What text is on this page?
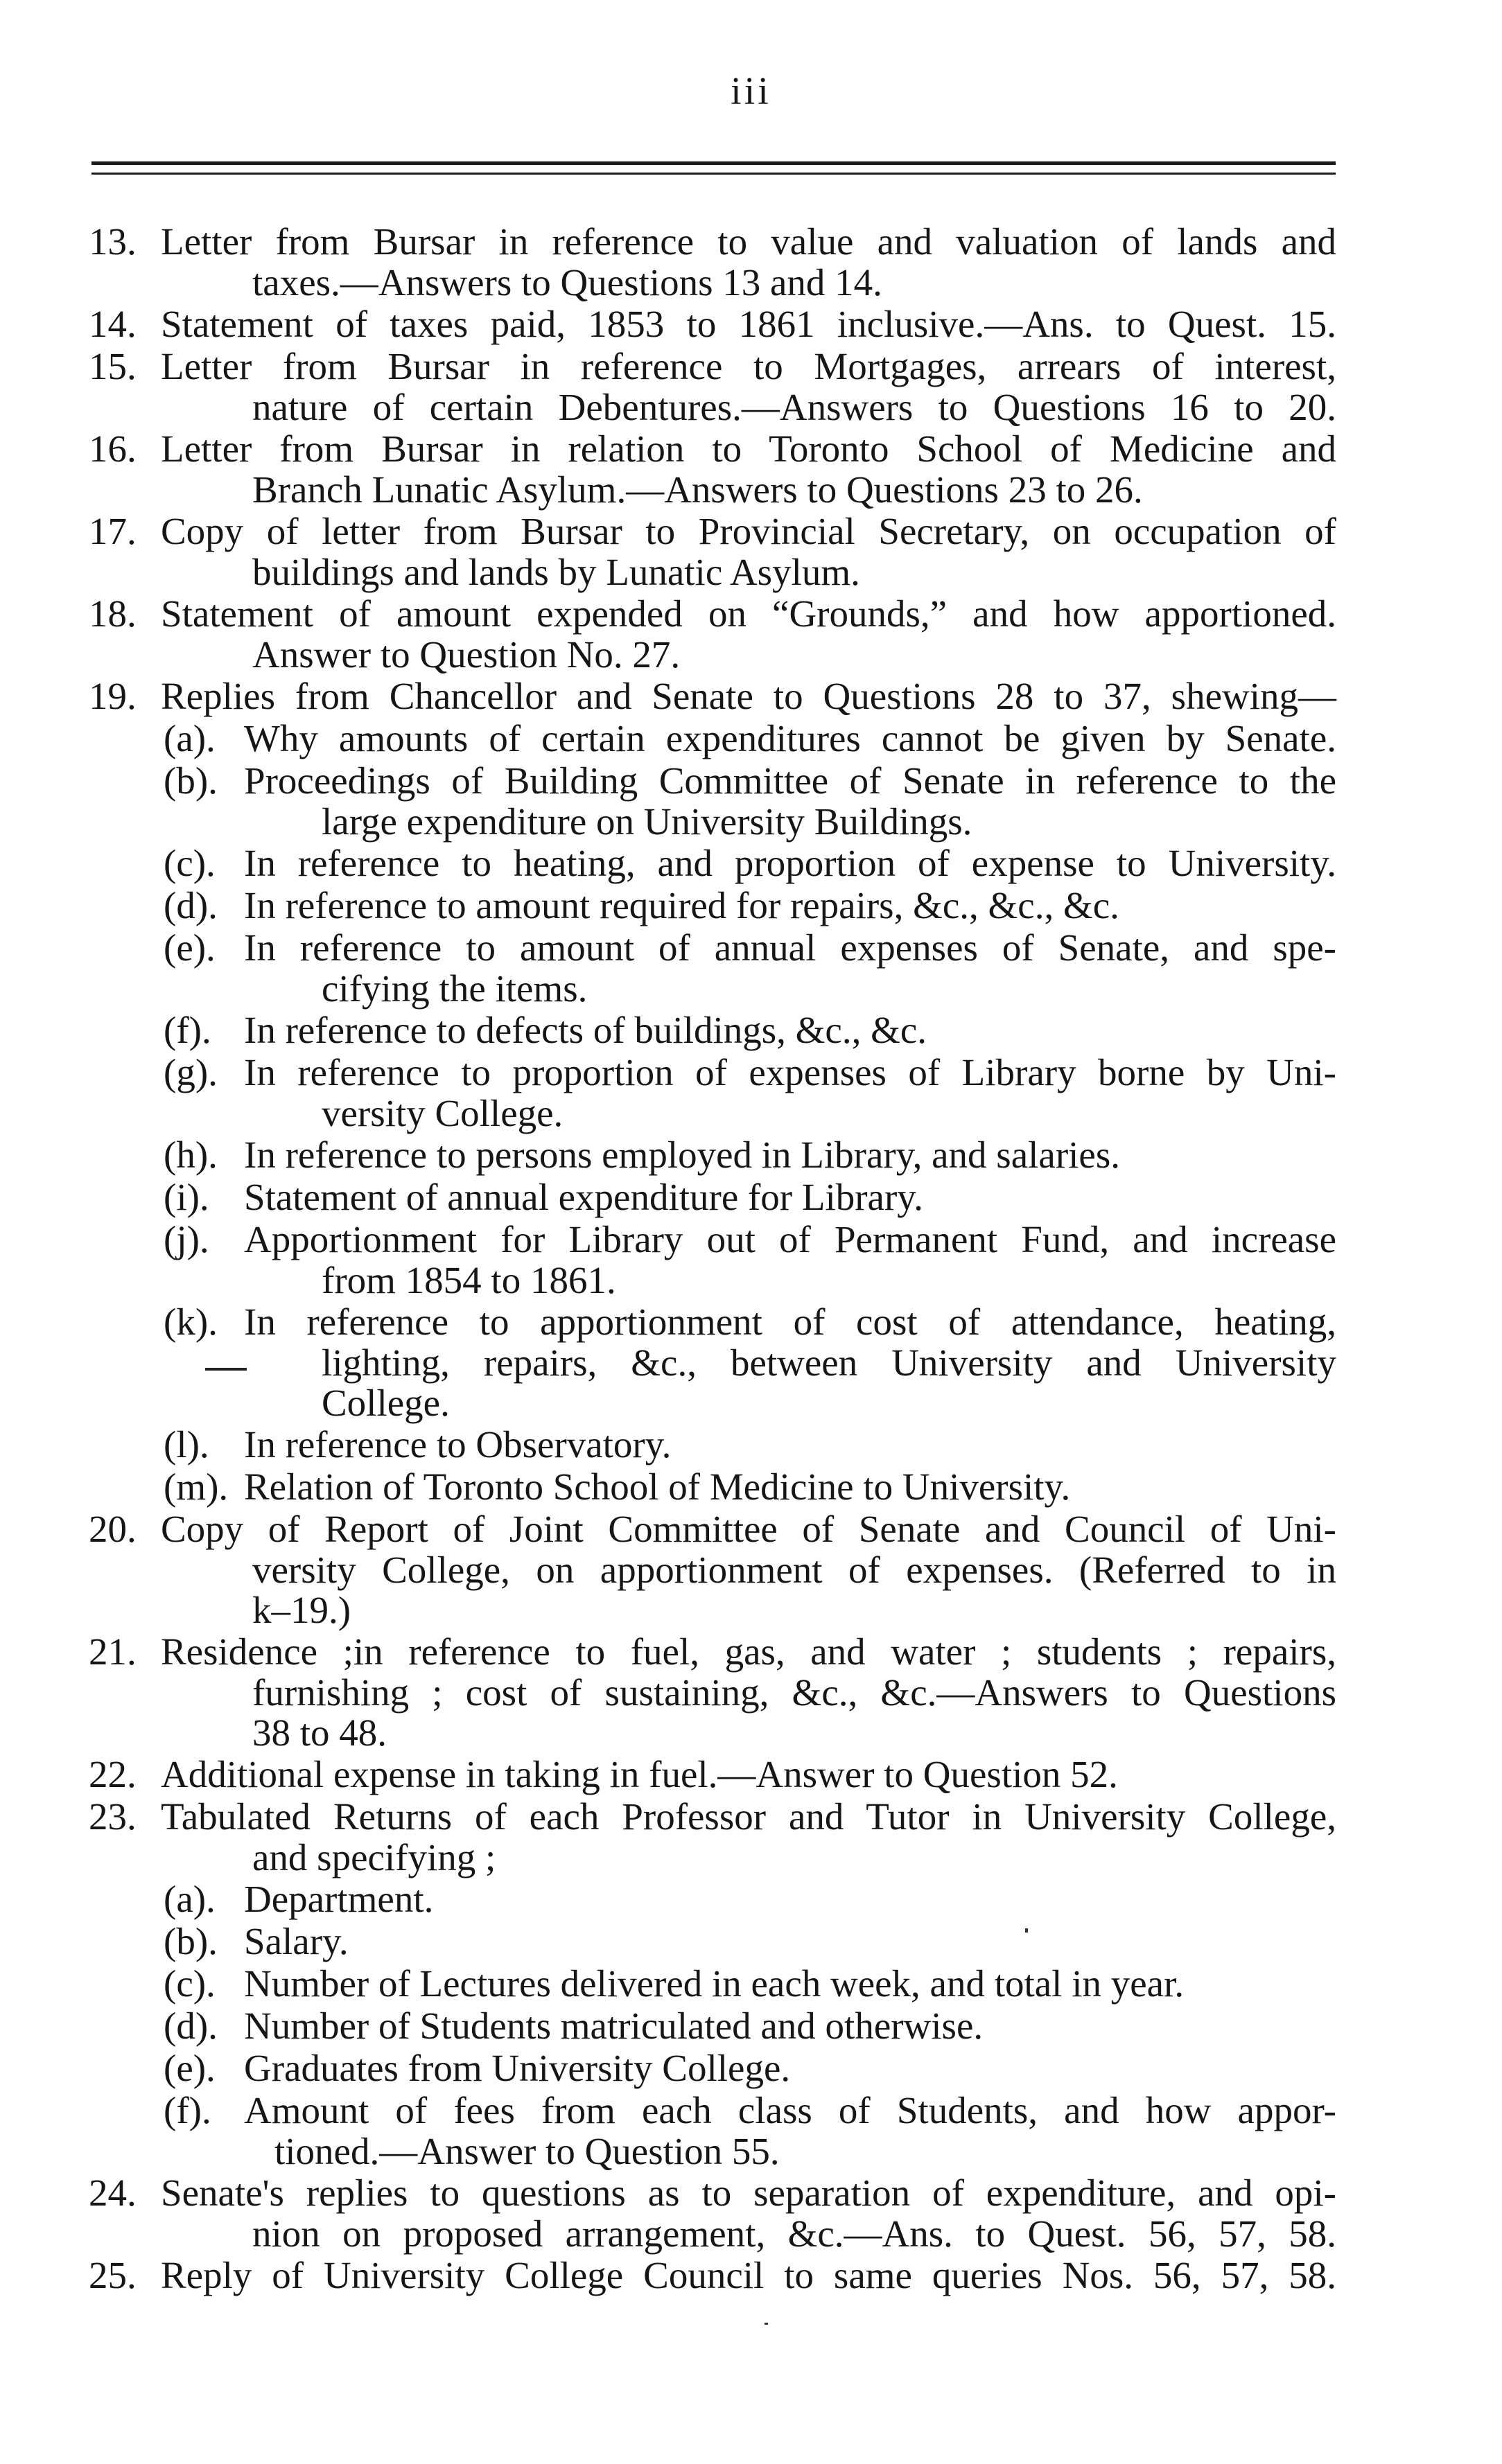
iii
13. Letter from Bursar in reference to value and valuation of lands and
taxes.—Answers to Questions 13 and 14.
14. Statement of taxes paid, 1853 to 1861 inclusive.—Ans. to Quest. 15.
15. Letter from Bursar in reference to Mortgages, arrears of interest,
nature of certain Debentures.—Answers to Questions 16 to 20.
16. Letter from Bursar in relation to Toronto School of Medicine and
Branch Lunatic Asylum.—Answers to Questions 23 to 26.
17. Copy of letter from Bursar to Provincial Secretary, on occupation of
buildings and lands by Lunatic Asylum.
18. Statement of amount expended on “Grounds,” and how apportioned.
Answer to Question No. 27.
19. Replies from Chancellor and Senate to Questions 28 to 37, shewing—
(a). Why amounts of certain expenditures cannot be given by Senate.
(b). Proceedings of Building Committee of Senate in reference to the
large expenditure on University Buildings.
(c). In reference to heating, and proportion of expense to University.
(d). In reference to amount required for repairs, &c., &c., &c.
(e). In reference to amount of annual expenses of Senate, and spe-
cifying the items.
(f). In reference to defects of buildings, &c., &c.
(g). In reference to proportion of expenses of Library borne by Uni-
versity College.
(h). In reference to persons employed in Library, and salaries.
(i). Statement of annual expenditure for Library.
(j). Apportionment for Library out of Permanent Fund, and increase
from 1854 to 1861.
(k). In reference to apportionment of cost of attendance, heating,
lighting, repairs, &c., between University and University
College.
(l). In reference to Observatory.
(m). Relation of Toronto School of Medicine to University.
20. Copy of Report of Joint Committee of Senate and Council of Uni-
versity College, on apportionment of expenses. (Referred to in
k–19.)
21. Residence ;in reference to fuel, gas, and water ; students ; repairs,
furnishing ; cost of sustaining, &c., &c.—Answers to Questions
38 to 48.
22. Additional expense in taking in fuel.—Answer to Question 52.
23. Tabulated Returns of each Professor and Tutor in University College,
and specifying ;
(a). Department.
(b). Salary.
(c). Number of Lectures delivered in each week, and total in year.
(d). Number of Students matriculated and otherwise.
(e). Graduates from University College.
(f). Amount of fees from each class of Students, and how appor-
tioned.—Answer to Question 55.
24. Senate's replies to questions as to separation of expenditure, and opi-
nion on proposed arrangement, &c.—Ans. to Quest. 56, 57, 58.
25. Reply of University College Council to same queries Nos. 56, 57, 58.
